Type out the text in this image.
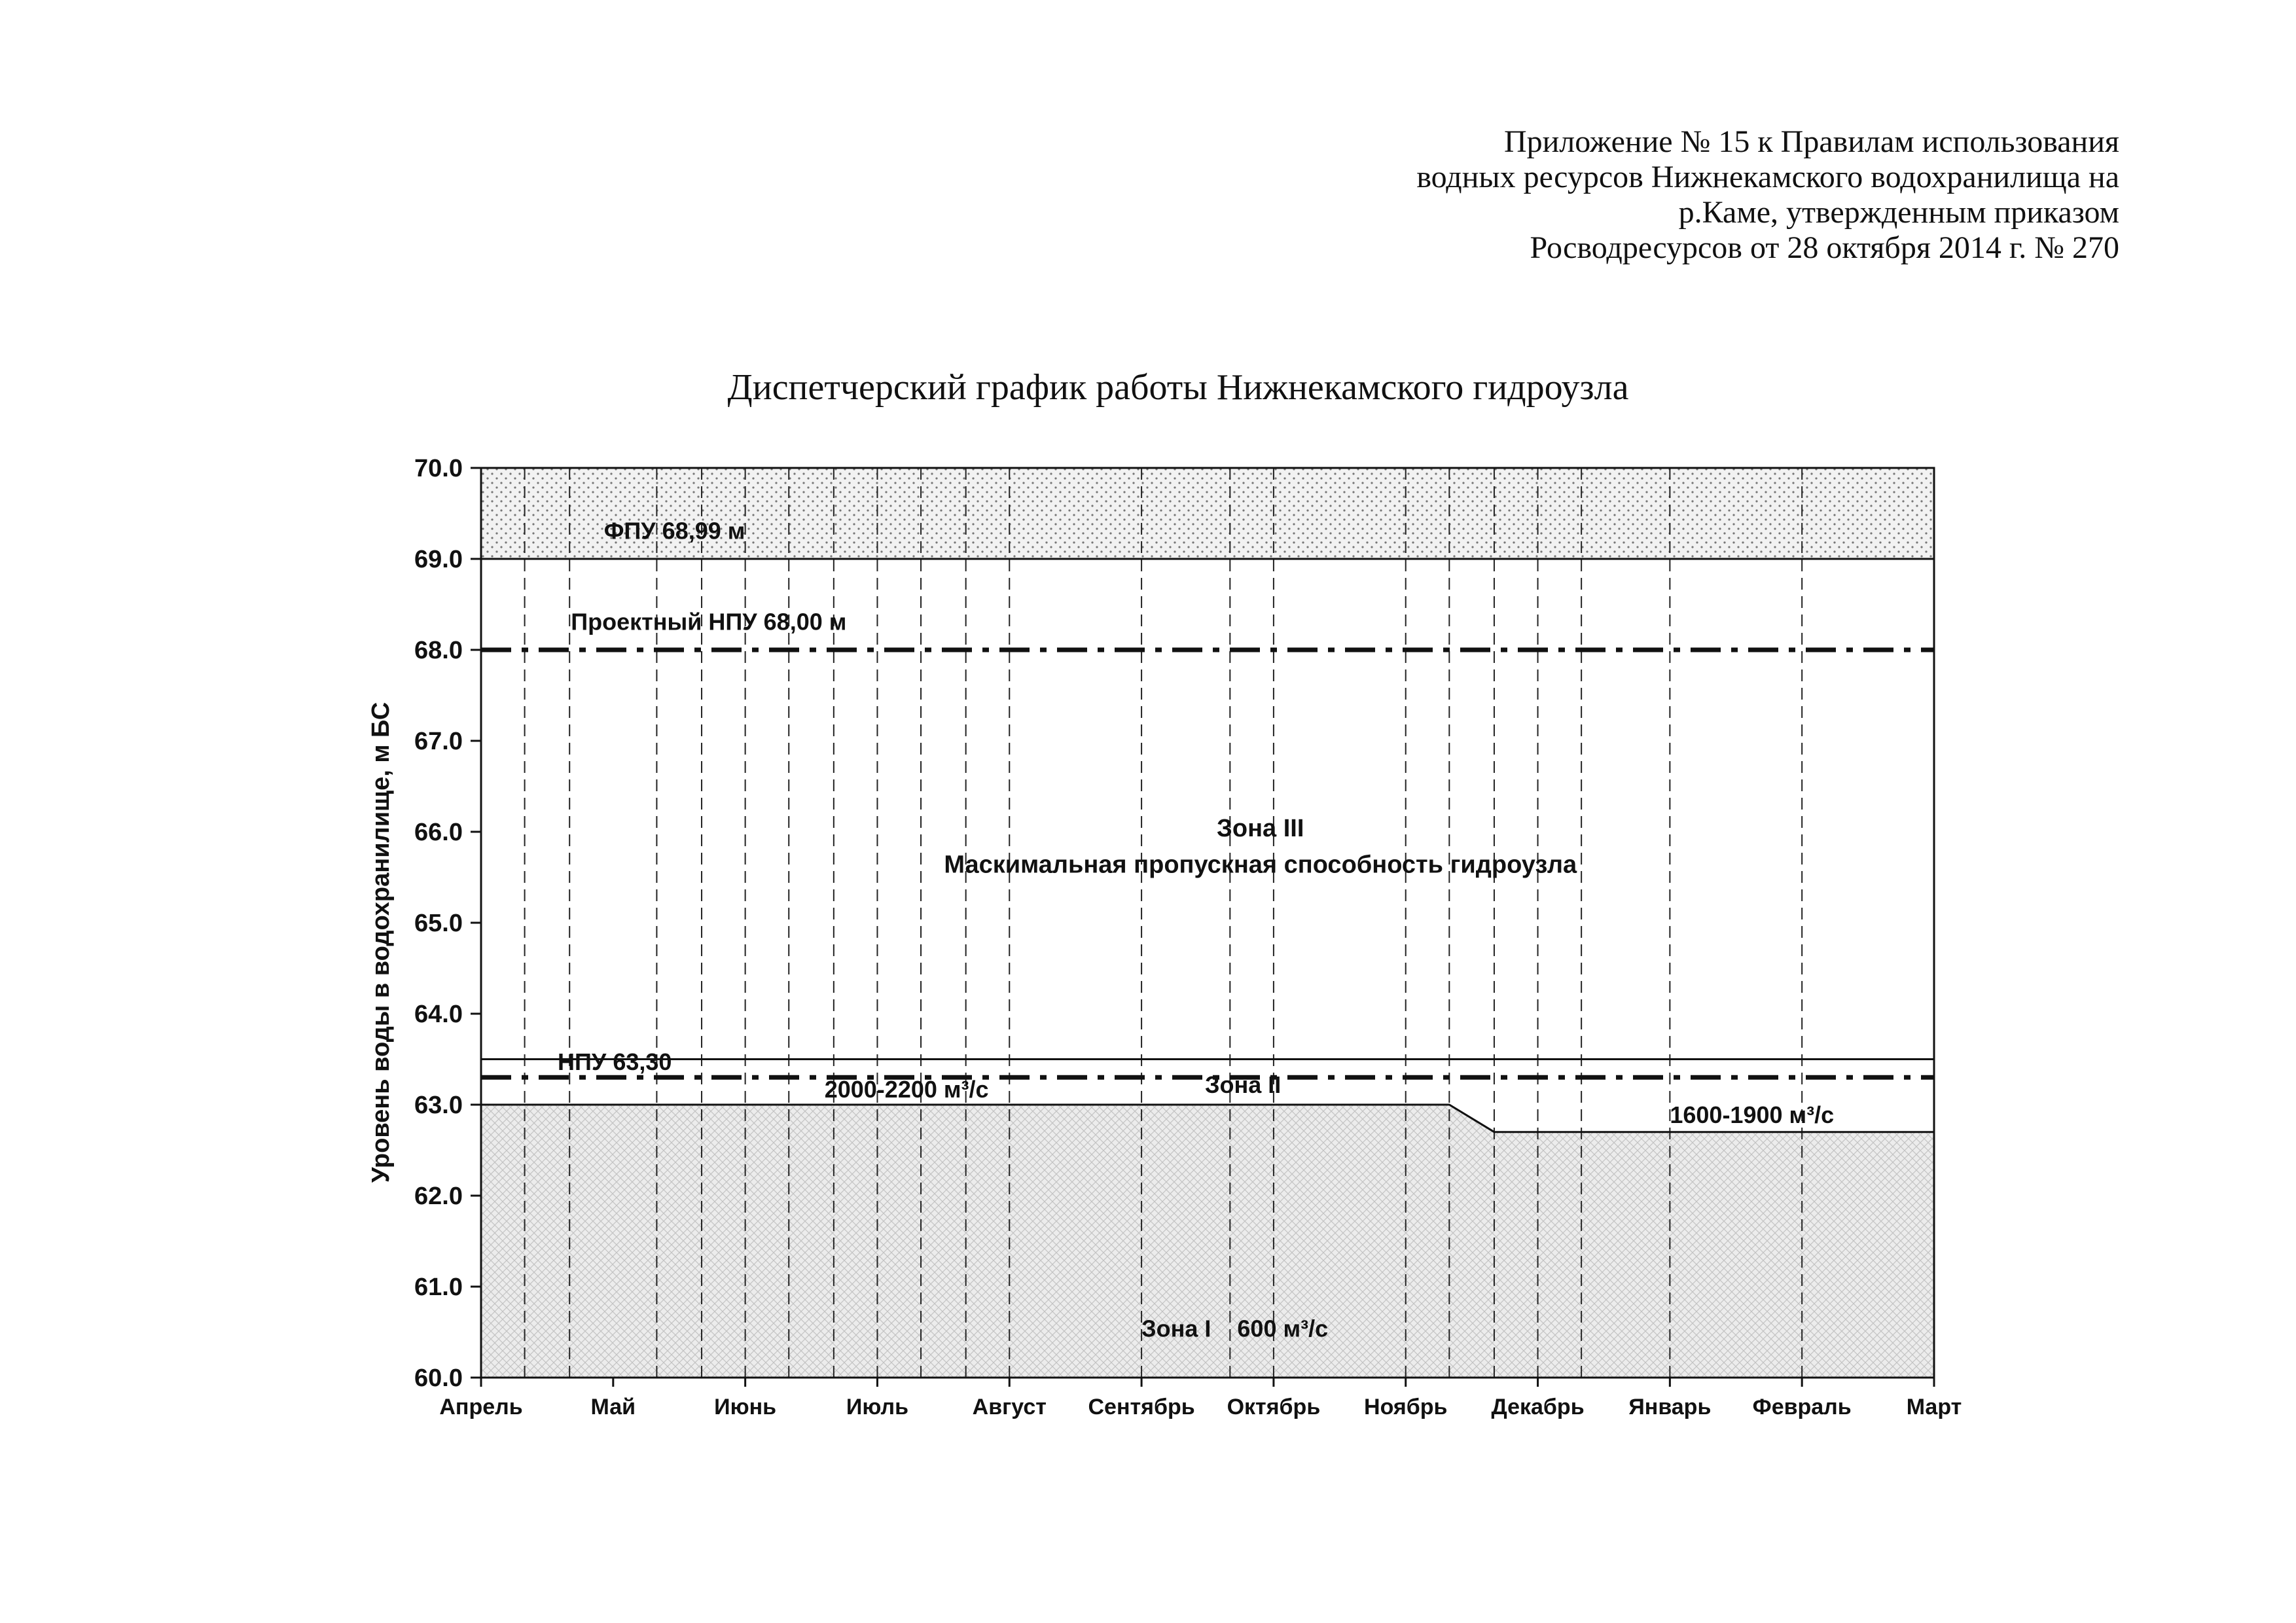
Приложение № 15 к Правилам использования
водных ресурсов Нижнекамского водохранилища на
р.Каме, утвержденным приказом
Росводресурсов от 28 октября 2014 г. № 270
Диспетчерский график работы Нижнекамского гидроузла
60.0
61.0
62.0
63.0
64.0
65.0
66.0
67.0
68.0
69.0
70.0
Апрель	Май	Июнь	Июль	Август Сентябрь Октябрь Ноябрь Декабрь Январь Февраль Март
Уровень воды в водохранилище, м БС
ФПУ 68,99 м
Проектный НПУ 68,00 м
Зона III
Маскимальная пропускная способность гидроузла
НПУ 63,30
2000-2200 м³/с	Зона II
1600-1900 м³/с
Зона I    600 м³/с
